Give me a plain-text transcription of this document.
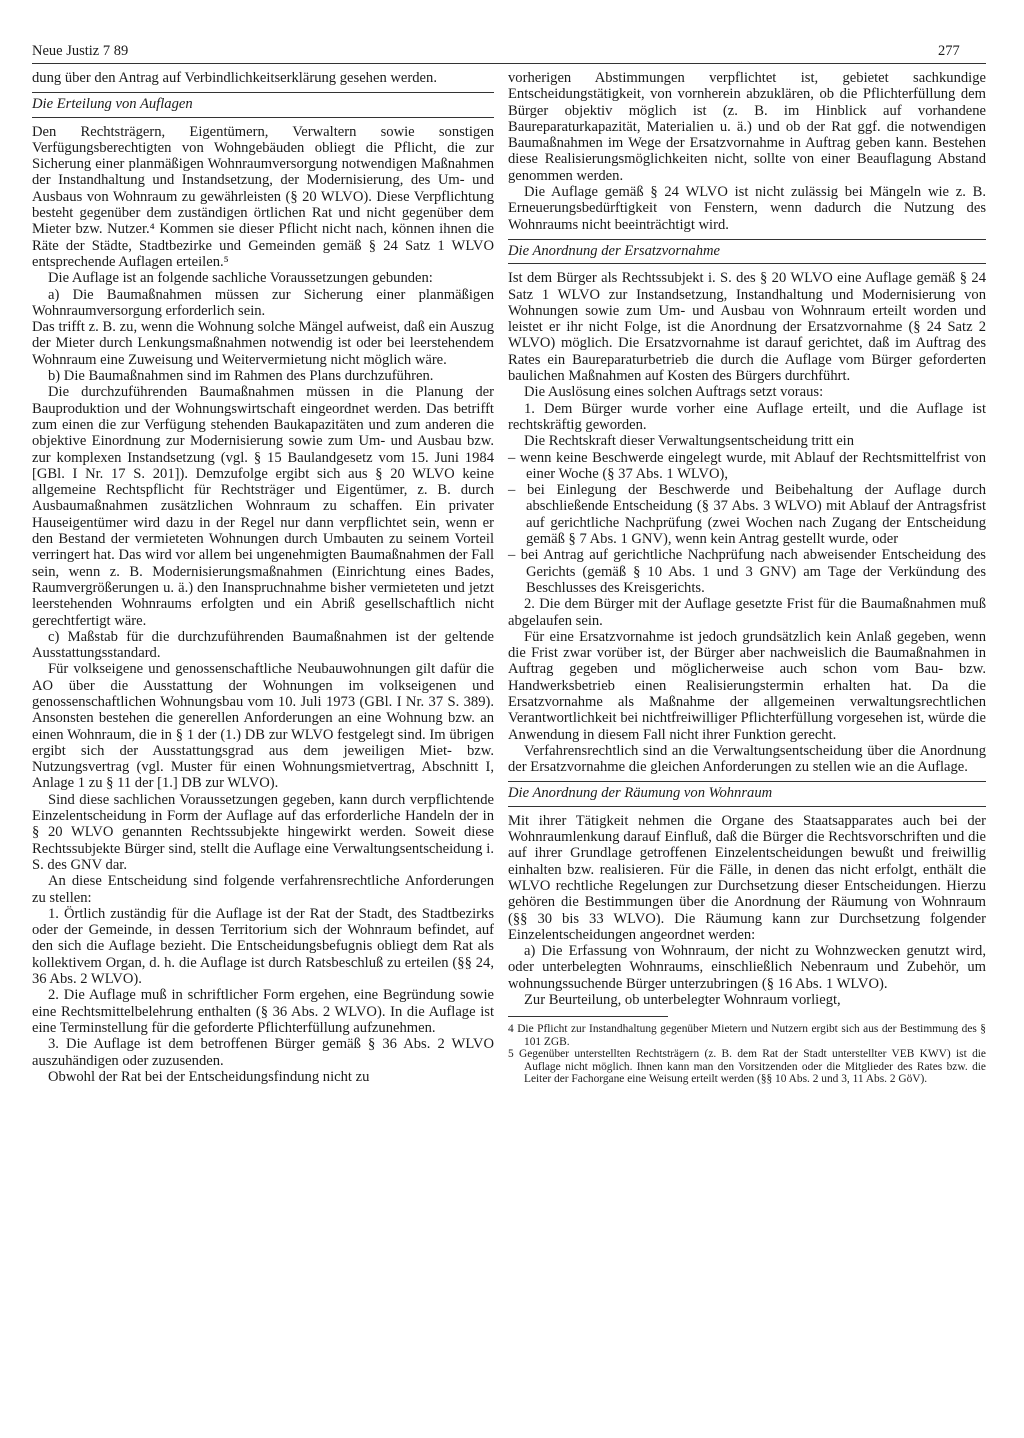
Neue Justiz 7 89	277

dung über den Antrag auf Verbindlichkeitserklärung gesehen werden.

Die Erteilung von Auflagen

Den Rechtsträgern, Eigentümern, Verwaltern sowie sonstigen Verfügungsberechtigten von Wohngebäuden obliegt die Pflicht, die zur Sicherung einer planmäßigen Wohnraumversorgung notwendigen Maßnahmen der Instandhaltung und Instandsetzung, der Modernisierung, des Um- und Ausbaus von Wohnraum zu gewährleisten (§ 20 WLVO). Diese Verpflichtung besteht gegenüber dem zuständigen örtlichen Rat und nicht gegenüber dem Mieter bzw. Nutzer.⁴ Kommen sie dieser Pflicht nicht nach, können ihnen die Räte der Städte, Stadtbezirke und Gemeinden gemäß § 24 Satz 1 WLVO entsprechende Auflagen erteilen.⁵

Die Auflage ist an folgende sachliche Voraussetzungen gebunden:

a) Die Baumaßnahmen müssen zur Sicherung einer planmäßigen Wohnraumversorgung erforderlich sein.

Das trifft z. B. zu, wenn die Wohnung solche Mängel aufweist, daß ein Auszug der Mieter durch Lenkungsmaßnahmen notwendig ist oder bei leerstehendem Wohnraum eine Zuweisung und Weitervermietung nicht möglich wäre.

b) Die Baumaßnahmen sind im Rahmen des Plans durchzuführen.

Die durchzuführenden Baumaßnahmen müssen in die Planung der Bauproduktion und der Wohnungswirtschaft eingeordnet werden. Das betrifft zum einen die zur Verfügung stehenden Baukapazitäten und zum anderen die objektive Einordnung zur Modernisierung sowie zum Um- und Ausbau bzw. zur komplexen Instandsetzung (vgl. § 15 Baulandgesetz vom 15. Juni 1984 [GBl. I Nr. 17 S. 201]). Demzufolge ergibt sich aus § 20 WLVO keine allgemeine Rechtspflicht für Rechtsträger und Eigentümer, z. B. durch Ausbaumaßnahmen zusätzlichen Wohnraum zu schaffen. Ein privater Hauseigentümer wird dazu in der Regel nur dann verpflichtet sein, wenn er den Bestand der vermieteten Wohnungen durch Umbauten zu seinem Vorteil verringert hat. Das wird vor allem bei ungenehmigten Baumaßnahmen der Fall sein, wenn z. B. Modernisierungsmaßnahmen (Einrichtung eines Bades, Raumvergrößerungen u. ä.) den Inanspruchnahme bisher vermieteten und jetzt leerstehenden Wohnraums erfolgten und ein Abriß gesellschaftlich nicht gerechtfertigt wäre.

c) Maßstab für die durchzuführenden Baumaßnahmen ist der geltende Ausstattungsstandard.

Für volkseigene und genossenschaftliche Neubauwohnungen gilt dafür die AO über die Ausstattung der Wohnungen im volkseigenen und genossenschaftlichen Wohnungsbau vom 10. Juli 1973 (GBl. I Nr. 37 S. 389). Ansonsten bestehen die generellen Anforderungen an eine Wohnung bzw. an einen Wohnraum, die in § 1 der (1.) DB zur WLVO festgelegt sind. Im übrigen ergibt sich der Ausstattungsgrad aus dem jeweiligen Miet- bzw. Nutzungsvertrag (vgl. Muster für einen Wohnungsmietvertrag, Abschnitt I, Anlage 1 zu § 11 der [1.] DB zur WLVO).

Sind diese sachlichen Voraussetzungen gegeben, kann durch verpflichtende Einzelentscheidung in Form der Auflage auf das erforderliche Handeln der in § 20 WLVO genannten Rechtssubjekte hingewirkt werden. Soweit diese Rechtssubjekte Bürger sind, stellt die Auflage eine Verwaltungsentscheidung i. S. des GNV dar.

An diese Entscheidung sind folgende verfahrensrechtliche Anforderungen zu stellen:

1. Örtlich zuständig für die Auflage ist der Rat der Stadt, des Stadtbezirks oder der Gemeinde, in dessen Territorium sich der Wohnraum befindet, auf den sich die Auflage bezieht. Die Entscheidungsbefugnis obliegt dem Rat als kollektivem Organ, d. h. die Auflage ist durch Ratsbeschluß zu erteilen (§§ 24, 36 Abs. 2 WLVO).

2. Die Auflage muß in schriftlicher Form ergehen, eine Begründung sowie eine Rechtsmittelbelehrung enthalten (§ 36 Abs. 2 WLVO). In die Auflage ist eine Terminstellung für die geforderte Pflichterfüllung aufzunehmen.

3. Die Auflage ist dem betroffenen Bürger gemäß § 36 Abs. 2 WLVO auszuhändigen oder zuzusenden.

Obwohl der Rat bei der Entscheidungsfindung nicht zu

vorherigen Abstimmungen verpflichtet ist, gebietet sachkundige Entscheidungstätigkeit, von vornherein abzuklären, ob die Pflichterfüllung dem Bürger objektiv möglich ist (z. B. im Hinblick auf vorhandene Baureparaturkapazität, Materialien u. ä.) und ob der Rat ggf. die notwendigen Baumaßnahmen im Wege der Ersatzvornahme in Auftrag geben kann. Bestehen diese Realisierungsmöglichkeiten nicht, sollte von einer Beauflagung Abstand genommen werden.

Die Auflage gemäß § 24 WLVO ist nicht zulässig bei Mängeln wie z. B. Erneuerungsbedürftigkeit von Fenstern, wenn dadurch die Nutzung des Wohnraums nicht beeinträchtigt wird.

Die Anordnung der Ersatzvornahme

Ist dem Bürger als Rechtssubjekt i. S. des § 20 WLVO eine Auflage gemäß § 24 Satz 1 WLVO zur Instandsetzung, Instandhaltung und Modernisierung von Wohnungen sowie zum Um- und Ausbau von Wohnraum erteilt worden und leistet er ihr nicht Folge, ist die Anordnung der Ersatzvornahme (§ 24 Satz 2 WLVO) möglich. Die Ersatzvornahme ist darauf gerichtet, daß im Auftrag des Rates ein Baureparaturbetrieb die durch die Auflage vom Bürger geforderten baulichen Maßnahmen auf Kosten des Bürgers durchführt.

Die Auslösung eines solchen Auftrags setzt voraus:

1. Dem Bürger wurde vorher eine Auflage erteilt, und die Auflage ist rechtskräftig geworden.

Die Rechtskraft dieser Verwaltungsentscheidung tritt ein

– wenn keine Beschwerde eingelegt wurde, mit Ablauf der Rechtsmittelfrist von einer Woche (§ 37 Abs. 1 WLVO),

– bei Einlegung der Beschwerde und Beibehaltung der Auflage durch abschließende Entscheidung (§ 37 Abs. 3 WLVO) mit Ablauf der Antragsfrist auf gerichtliche Nachprüfung (zwei Wochen nach Zugang der Entscheidung gemäß § 7 Abs. 1 GNV), wenn kein Antrag gestellt wurde, oder

– bei Antrag auf gerichtliche Nachprüfung nach abweisender Entscheidung des Gerichts (gemäß § 10 Abs. 1 und 3 GNV) am Tage der Verkündung des Beschlusses des Kreisgerichts.

2. Die dem Bürger mit der Auflage gesetzte Frist für die Baumaßnahmen muß abgelaufen sein.

Für eine Ersatzvornahme ist jedoch grundsätzlich kein Anlaß gegeben, wenn die Frist zwar vorüber ist, der Bürger aber nachweislich die Baumaßnahmen in Auftrag gegeben und möglicherweise auch schon vom Bau- bzw. Handwerksbetrieb einen Realisierungstermin erhalten hat. Da die Ersatzvornahme als Maßnahme der allgemeinen verwaltungsrechtlichen Verantwortlichkeit bei nichtfreiwilliger Pflichterfüllung vorgesehen ist, würde die Anwendung in diesem Fall nicht ihrer Funktion gerecht.

Verfahrensrechtlich sind an die Verwaltungsentscheidung über die Anordnung der Ersatzvornahme die gleichen Anforderungen zu stellen wie an die Auflage.

Die Anordnung der Räumung von Wohnraum

Mit ihrer Tätigkeit nehmen die Organe des Staatsapparates auch bei der Wohnraumlenkung darauf Einfluß, daß die Bürger die Rechtsvorschriften und die auf ihrer Grundlage getroffenen Einzelentscheidungen bewußt und freiwillig einhalten bzw. realisieren. Für die Fälle, in denen das nicht erfolgt, enthält die WLVO rechtliche Regelungen zur Durchsetzung dieser Entscheidungen. Hierzu gehören die Bestimmungen über die Anordnung der Räumung von Wohnraum (§§ 30 bis 33 WLVO). Die Räumung kann zur Durchsetzung folgender Einzelentscheidungen angeordnet werden:

a) Die Erfassung von Wohnraum, der nicht zu Wohnzwecken genutzt wird, oder unterbelegten Wohnraums, einschließlich Nebenraum und Zubehör, um wohnungssuchende Bürger unterzubringen (§ 16 Abs. 1 WLVO).

Zur Beurteilung, ob unterbelegter Wohnraum vorliegt,

4 Die Pflicht zur Instandhaltung gegenüber Mietern und Nutzern ergibt sich aus der Bestimmung des § 101 ZGB.

5 Gegenüber unterstellten Rechtsträgern (z. B. dem Rat der Stadt unterstellter VEB KWV) ist die Auflage nicht möglich. Ihnen kann man den Vorsitzenden oder die Mitglieder des Rates bzw. die Leiter der Fachorgane eine Weisung erteilt werden (§§ 10 Abs. 2 und 3, 11 Abs. 2 GöV).
